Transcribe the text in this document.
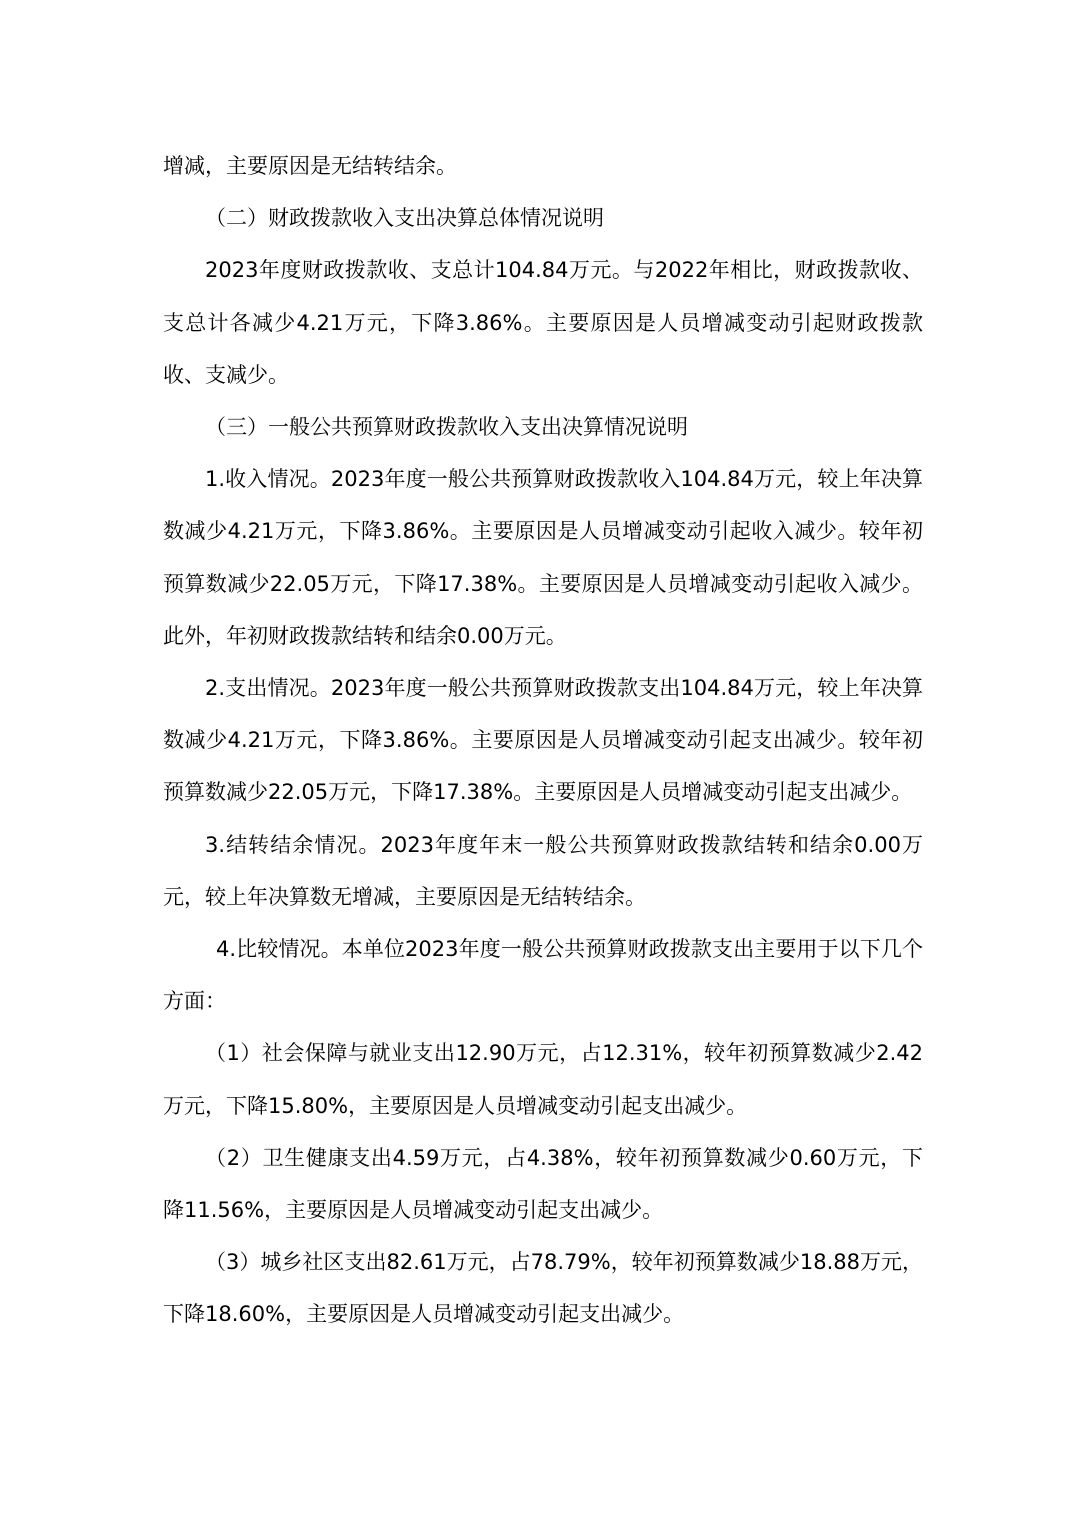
增减，主要原因是无结转结余。

（二）财政拨款收入支出决算总体情况说明

2023年度财政拨款收、支总计104.84万元。与2022年相比，财政拨款收、支总计各减少4.21万元，下降3.86%。主要原因是人员增减变动引起财政拨款收、支减少。

（三）一般公共预算财政拨款收入支出决算情况说明

1.收入情况。2023年度一般公共预算财政拨款收入104.84万元，较上年决算数减少4.21万元，下降3.86%。主要原因是人员增减变动引起收入减少。较年初预算数减少22.05万元，下降17.38%。主要原因是人员增减变动引起收入减少。此外，年初财政拨款结转和结余0.00万元。

2.支出情况。2023年度一般公共预算财政拨款支出104.84万元，较上年决算数减少4.21万元，下降3.86%。主要原因是人员增减变动引起支出减少。较年初预算数减少22.05万元，下降17.38%。主要原因是人员增减变动引起支出减少。

3.结转结余情况。2023年度年末一般公共预算财政拨款结转和结余0.00万元，较上年决算数无增减，主要原因是无结转结余。

4.比较情况。本单位2023年度一般公共预算财政拨款支出主要用于以下几个方面：

（1）社会保障与就业支出12.90万元，占12.31%，较年初预算数减少2.42万元，下降15.80%，主要原因是人员增减变动引起支出减少。

（2）卫生健康支出4.59万元，占4.38%，较年初预算数减少0.60万元，下降11.56%，主要原因是人员增减变动引起支出减少。

（3）城乡社区支出82.61万元，占78.79%，较年初预算数减少18.88万元，下降18.60%，主要原因是人员增减变动引起支出减少。
